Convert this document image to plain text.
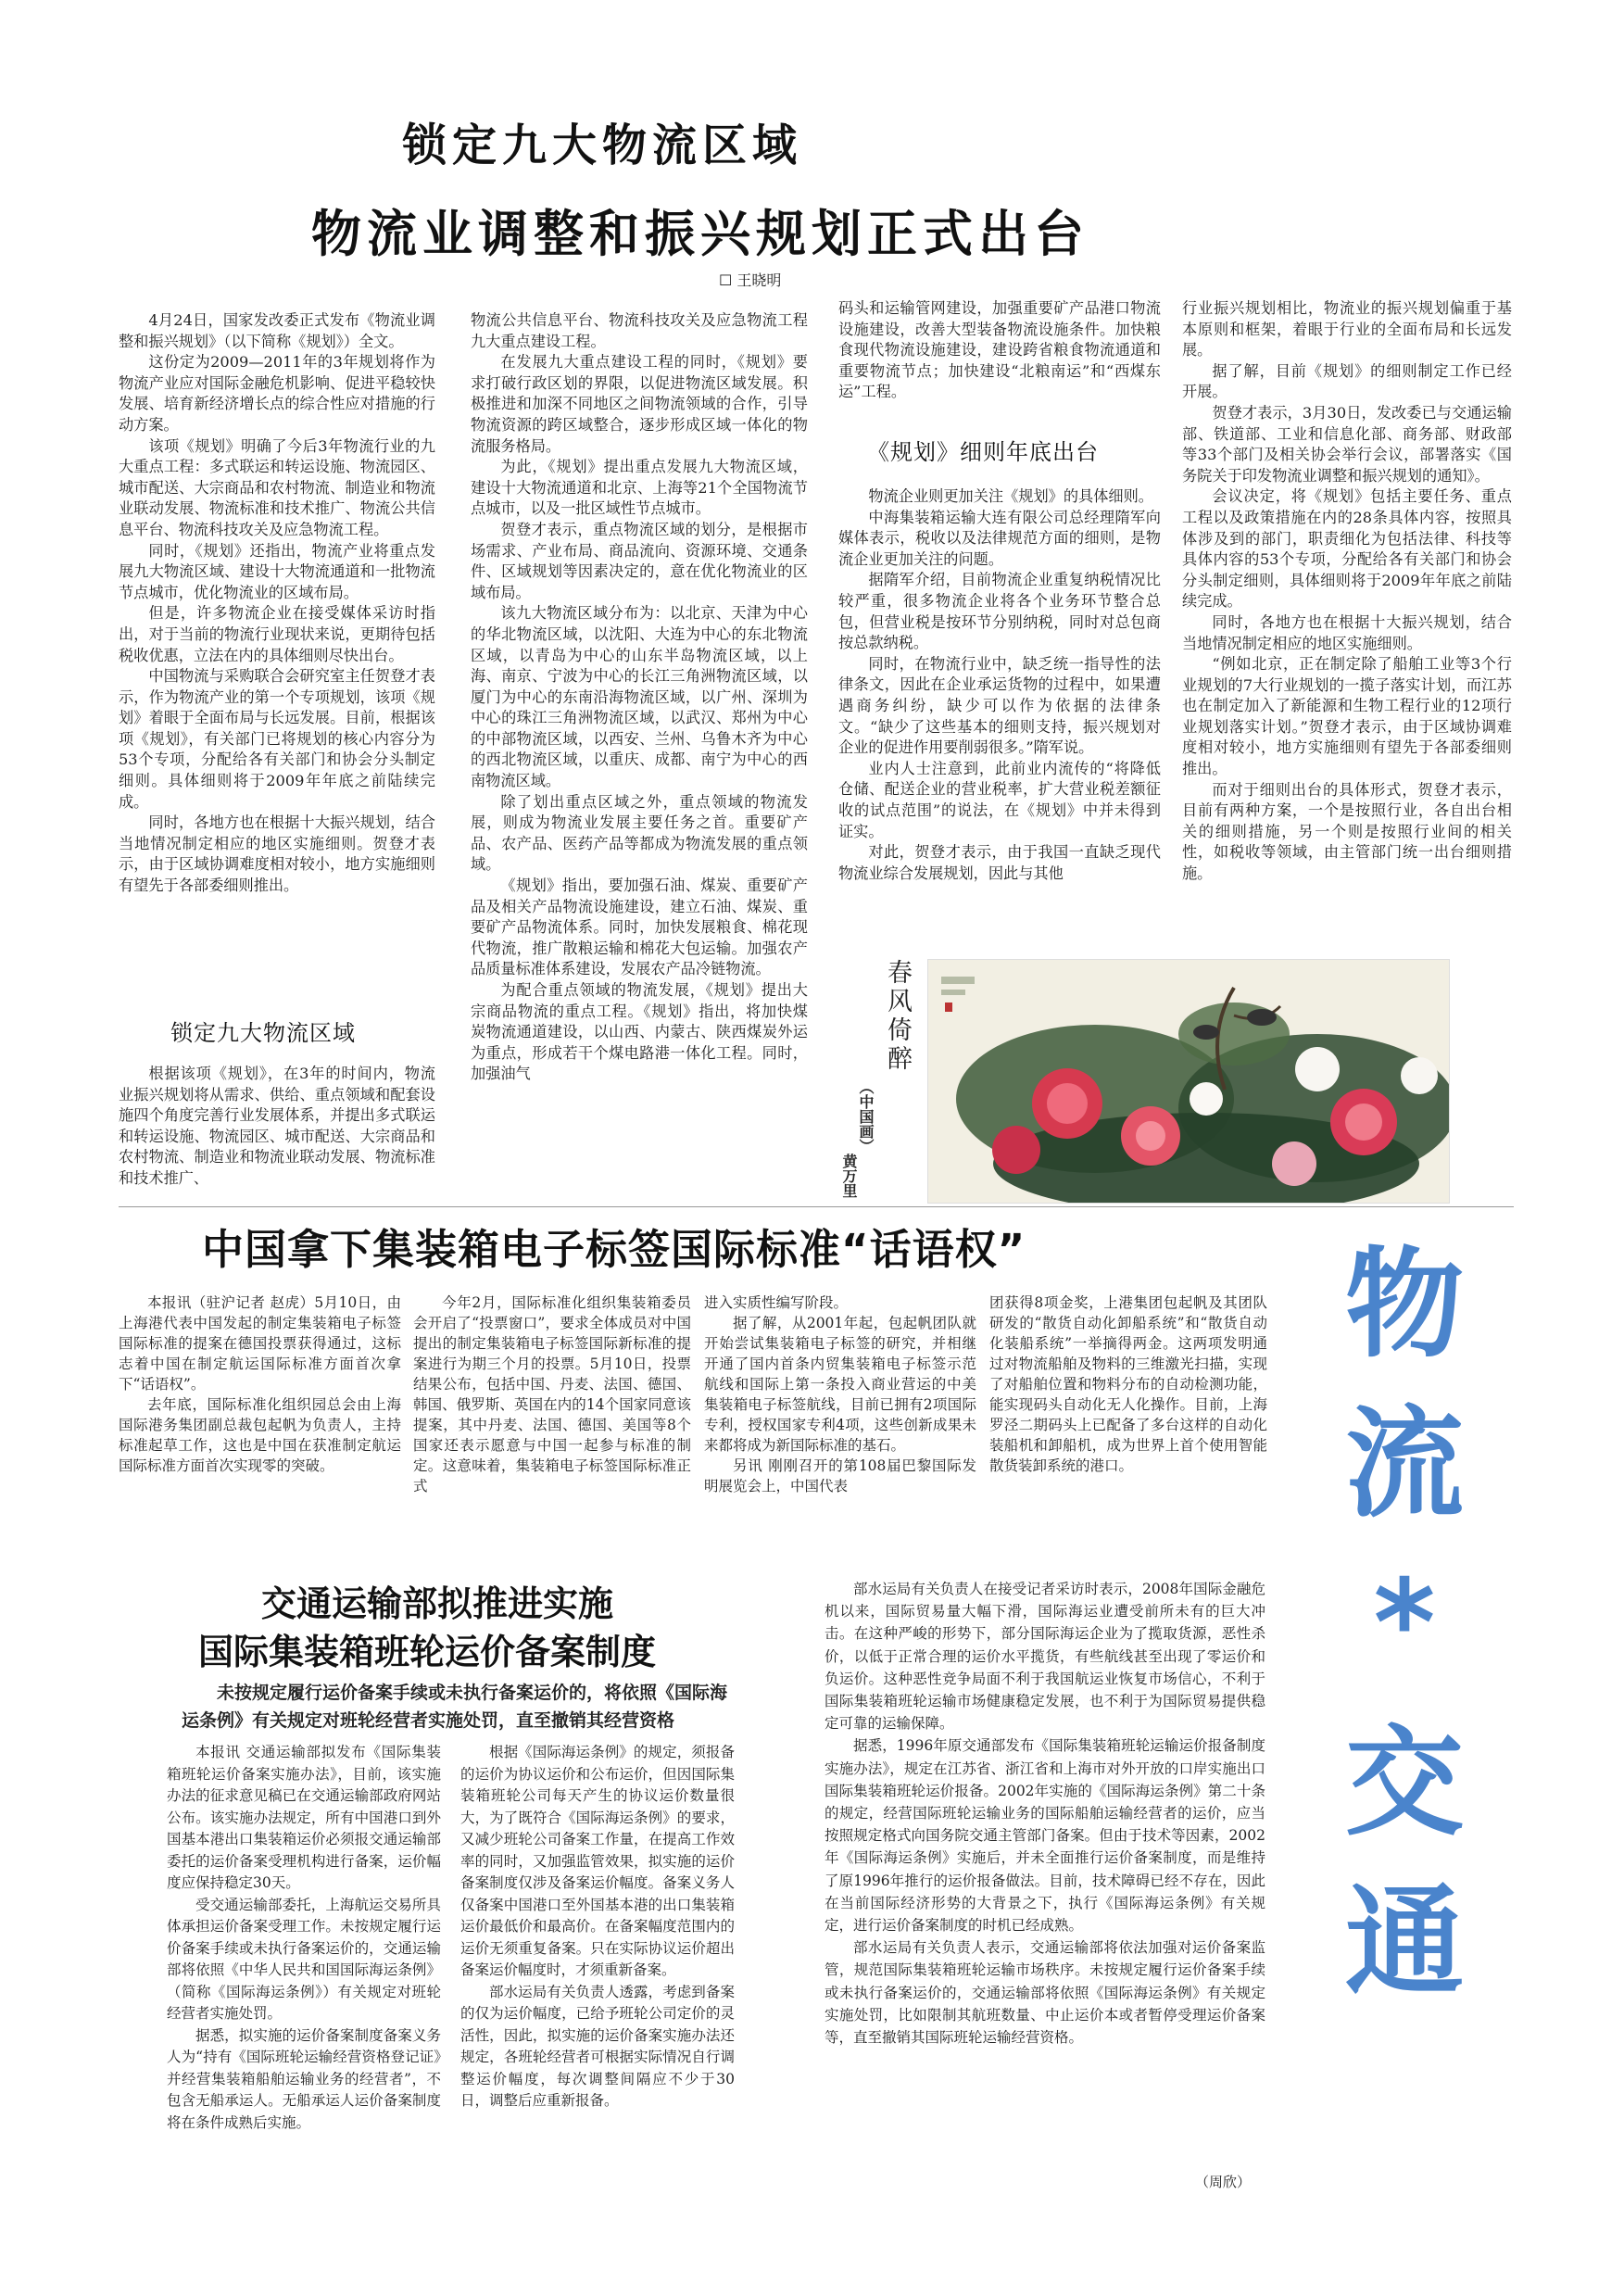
锁定九大物流区域
物流业调整和振兴规划正式出台
☐ 王晓明

4月24日，国家发改委正式发布《物流业调整和振兴规划》（以下简称《规划》）全文。

这份定为2009—2011年的3年规划将作为物流产业应对国际金融危机影响、促进平稳较快发展、培育新经济增长点的综合性应对措施的行动方案。

该项《规划》明确了今后3年物流行业的九大重点工程：多式联运和转运设施、物流园区、城市配送、大宗商品和农村物流、制造业和物流业联动发展、物流标准和技术推广、物流公共信息平台、物流科技攻关及应急物流工程。

同时，《规划》还指出，物流产业将重点发展九大物流区域、建设十大物流通道和一批物流节点城市，优化物流业的区域布局。

但是，许多物流企业在接受媒体采访时指出，对于当前的物流行业现状来说，更期待包括税收优惠，立法在内的具体细则尽快出台。

中国物流与采购联合会研究室主任贺登才表示，作为物流产业的第一个专项规划，该项《规划》着眼于全面布局与长远发展。目前，根据该项《规划》，有关部门已将规划的核心内容分为53个专项，分配给各有关部门和协会分头制定细则。具体细则将于2009年年底之前陆续完成。

同时，各地方也在根据十大振兴规划，结合当地情况制定相应的地区实施细则。贺登才表示，由于区域协调难度相对较小，地方实施细则有望先于各部委细则推出。

锁定九大物流区域

根据该项《规划》，在3年的时间内，物流业振兴规划将从需求、供给、重点领域和配套设施四个角度完善行业发展体系，并提出多式联运和转运设施、物流园区、城市配送、大宗商品和农村物流、制造业和物流业联动发展、物流标准和技术推广、

物流公共信息平台、物流科技攻关及应急物流工程九大重点建设工程。

在发展九大重点建设工程的同时，《规划》要求打破行政区划的界限，以促进物流区域发展。积极推进和加深不同地区之间物流领域的合作，引导物流资源的跨区域整合，逐步形成区域一体化的物流服务格局。

为此，《规划》提出重点发展九大物流区域，建设十大物流通道和北京、上海等21个全国物流节点城市，以及一批区域性节点城市。

贺登才表示，重点物流区域的划分，是根据市场需求、产业布局、商品流向、资源环境、交通条件、区域规划等因素决定的，意在优化物流业的区域布局。

该九大物流区域分布为：以北京、天津为中心的华北物流区域，以沈阳、大连为中心的东北物流区域，以青岛为中心的山东半岛物流区域，以上海、南京、宁波为中心的长江三角洲物流区域，以厦门为中心的东南沿海物流区域，以广州、深圳为中心的珠江三角洲物流区域，以武汉、郑州为中心的中部物流区域，以西安、兰州、乌鲁木齐为中心的西北物流区域，以重庆、成都、南宁为中心的西南物流区域。

除了划出重点区域之外，重点领域的物流发展，则成为物流业发展主要任务之首。重要矿产品、农产品、医药产品等都成为物流发展的重点领域。

《规划》指出，要加强石油、煤炭、重要矿产品及相关产品物流设施建设，建立石油、煤炭、重要矿产品物流体系。同时，加快发展粮食、棉花现代物流，推广散粮运输和棉花大包运输。加强农产品质量标准体系建设，发展农产品冷链物流。

为配合重点领域的物流发展，《规划》提出大宗商品物流的重点工程。《规划》指出，将加快煤炭物流通道建设，以山西、内蒙古、陕西煤炭外运为重点，形成若干个煤电路港一体化工程。同时，加强油气

码头和运输管网建设，加强重要矿产品港口物流设施建设，改善大型装备物流设施条件。加快粮食现代物流设施建设，建设跨省粮食物流通道和重要物流节点；加快建设“北粮南运”和“西煤东运”工程。

《规划》细则年底出台

物流企业则更加关注《规划》的具体细则。

中海集装箱运输大连有限公司总经理隋军向媒体表示，税收以及法律规范方面的细则，是物流企业更加关注的问题。

据隋军介绍，目前物流企业重复纳税情况比较严重，很多物流企业将各个业务环节整合总包，但营业税是按环节分别纳税，同时对总包商按总款纳税。

同时，在物流行业中，缺乏统一指导性的法律条文，因此在企业承运货物的过程中，如果遭遇商务纠纷，缺少可以作为依据的法律条文。“缺少了这些基本的细则支持，振兴规划对企业的促进作用要削弱很多。”隋军说。

业内人士注意到，此前业内流传的“将降低仓储、配送企业的营业税率，扩大营业税差额征收的试点范围”的说法，在《规划》中并未得到证实。

对此，贺登才表示，由于我国一直缺乏现代物流业综合发展规划，因此与其他

行业振兴规划相比，物流业的振兴规划偏重于基本原则和框架，着眼于行业的全面布局和长远发展。

据了解，目前《规划》的细则制定工作已经开展。

贺登才表示，3月30日，发改委已与交通运输部、铁道部、工业和信息化部、商务部、财政部等33个部门及相关协会举行会议，部署落实《国务院关于印发物流业调整和振兴规划的通知》。

会议决定，将《规划》包括主要任务、重点工程以及政策措施在内的28条具体内容，按照具体涉及到的部门，职责细化为包括法律、科技等具体内容的53个专项，分配给各有关部门和协会分头制定细则，具体细则将于2009年年底之前陆续完成。

同时，各地方也在根据十大振兴规划，结合当地情况制定相应的地区实施细则。

“例如北京，正在制定除了船舶工业等3个行业规划的7大行业规划的一揽子落实计划，而江苏也在制定加入了新能源和生物工程行业的12项行业规划落实计划。”贺登才表示，由于区域协调难度相对较小，地方实施细则有望先于各部委细则推出。

而对于细则出台的具体形式，贺登才表示，目前有两种方案，一个是按照行业，各自出台相关的细则措施，另一个则是按照行业间的相关性，如税收等领域，由主管部门统一出台细则措施。

春风倚醉
（中国画）
黄万里
中国拿下集装箱电子标签国际标准“话语权”

本报讯（驻沪记者 赵虎）5月10日，由上海港代表中国发起的制定集装箱电子标签国际标准的提案在德国投票获得通过，这标志着中国在制定航运国际标准方面首次拿下“话语权”。

去年底，国际标准化组织园总会由上海国际港务集团副总裁包起帆为负责人，主持标准起草工作，这也是中国在获准制定航运国际标准方面首次实现零的突破。

今年2月，国际标准化组织集装箱委员会开启了“投票窗口”，要求全体成员对中国提出的制定集装箱电子标签国际新标准的提案进行为期三个月的投票。5月10日，投票结果公布，包括中国、丹麦、法国、德国、韩国、俄罗斯、英国在内的14个国家同意该提案，其中丹麦、法国、德国、美国等8个国家还表示愿意与中国一起参与标准的制定。这意味着，集装箱电子标签国际标准正式

进入实质性编写阶段。

据了解，从2001年起，包起帆团队就开始尝试集装箱电子标签的研究，并相继开通了国内首条内贸集装箱电子标签示范航线和国际上第一条投入商业营运的中美集装箱电子标签航线，目前已拥有2项国际专利，授权国家专利4项，这些创新成果未来都将成为新国际标准的基石。

另讯 刚刚召开的第108届巴黎国际发明展览会上，中国代表

团获得8项金奖，上港集团包起帆及其团队研发的“散货自动化卸船系统”和“散货自动化装船系统”一举摘得两金。这两项发明通过对物流船舶及物料的三维激光扫描，实现了对船舶位置和物料分布的自动检测功能，能实现码头自动化无人化操作。目前，上海罗泾二期码头上已配备了多台这样的自动化装船机和卸船机，成为世界上首个使用智能散货装卸系统的港口。

物
流
*
交
通
交通运输部拟推进实施
国际集装箱班轮运价备案制度
未按规定履行运价备案手续或未执行备案运价的，将依照《国际海运条例》有关规定对班轮经营者实施处罚，直至撤销其经营资格

本报讯 交通运输部拟发布《国际集装箱班轮运价备案实施办法》，目前，该实施办法的征求意见稿已在交通运输部政府网站公布。该实施办法规定，所有中国港口到外国基本港出口集装箱运价必须报交通运输部委托的运价备案受理机构进行备案，运价幅度应保持稳定30天。

受交通运输部委托，上海航运交易所具体承担运价备案受理工作。未按规定履行运价备案手续或未执行备案运价的，交通运输部将依照《中华人民共和国国际海运条例》（简称《国际海运条例》）有关规定对班轮经营者实施处罚。

据悉，拟实施的运价备案制度备案义务人为“持有《国际班轮运输经营资格登记证》并经营集装箱船舶运输业务的经营者”，不包含无船承运人。无船承运人运价备案制度将在条件成熟后实施。

根据《国际海运条例》的规定，须报备的运价为协议运价和公布运价，但因国际集装箱班轮公司每天产生的协议运价数量很大，为了既符合《国际海运条例》的要求，又减少班轮公司备案工作量，在提高工作效率的同时，又加强监管效果，拟实施的运价备案制度仅涉及备案运价幅度。备案义务人仅备案中国港口至外国基本港的出口集装箱运价最低价和最高价。在备案幅度范围内的运价无须重复备案。只在实际协议运价超出备案运价幅度时，才须重新备案。

部水运局有关负责人透露，考虑到备案的仅为运价幅度，已给予班轮公司定价的灵活性，因此，拟实施的运价备案实施办法还规定，各班轮经营者可根据实际情况自行调整运价幅度，每次调整间隔应不少于30日，调整后应重新报备。

部水运局有关负责人在接受记者采访时表示，2008年国际金融危机以来，国际贸易量大幅下滑，国际海运业遭受前所未有的巨大冲击。在这种严峻的形势下，部分国际海运企业为了揽取货源，恶性杀价，以低于正常合理的运价水平揽货，有些航线甚至出现了零运价和负运价。这种恶性竞争局面不利于我国航运业恢复市场信心，不利于国际集装箱班轮运输市场健康稳定发展，也不利于为国际贸易提供稳定可靠的运输保障。

据悉，1996年原交通部发布《国际集装箱班轮运输运价报备制度实施办法》，规定在江苏省、浙江省和上海市对外开放的口岸实施出口国际集装箱班轮运价报备。2002年实施的《国际海运条例》第二十条的规定，经营国际班轮运输业务的国际船舶运输经营者的运价，应当按照规定格式向国务院交通主管部门备案。但由于技术等因素，2002年《国际海运条例》实施后，并未全面推行运价备案制度，而是维持了原1996年推行的运价报备做法。目前，技术障碍已经不存在，因此在当前国际经济形势的大背景之下，执行《国际海运条例》有关规定，进行运价备案制度的时机已经成熟。

部水运局有关负责人表示，交通运输部将依法加强对运价备案监管，规范国际集装箱班轮运输市场秩序。未按规定履行运价备案手续或未执行备案运价的，交通运输部将依照《国际海运条例》有关规定实施处罚，比如限制其航班数量、中止运价本或者暂停受理运价备案等，直至撤销其国际班轮运输经营资格。

（周欣）
